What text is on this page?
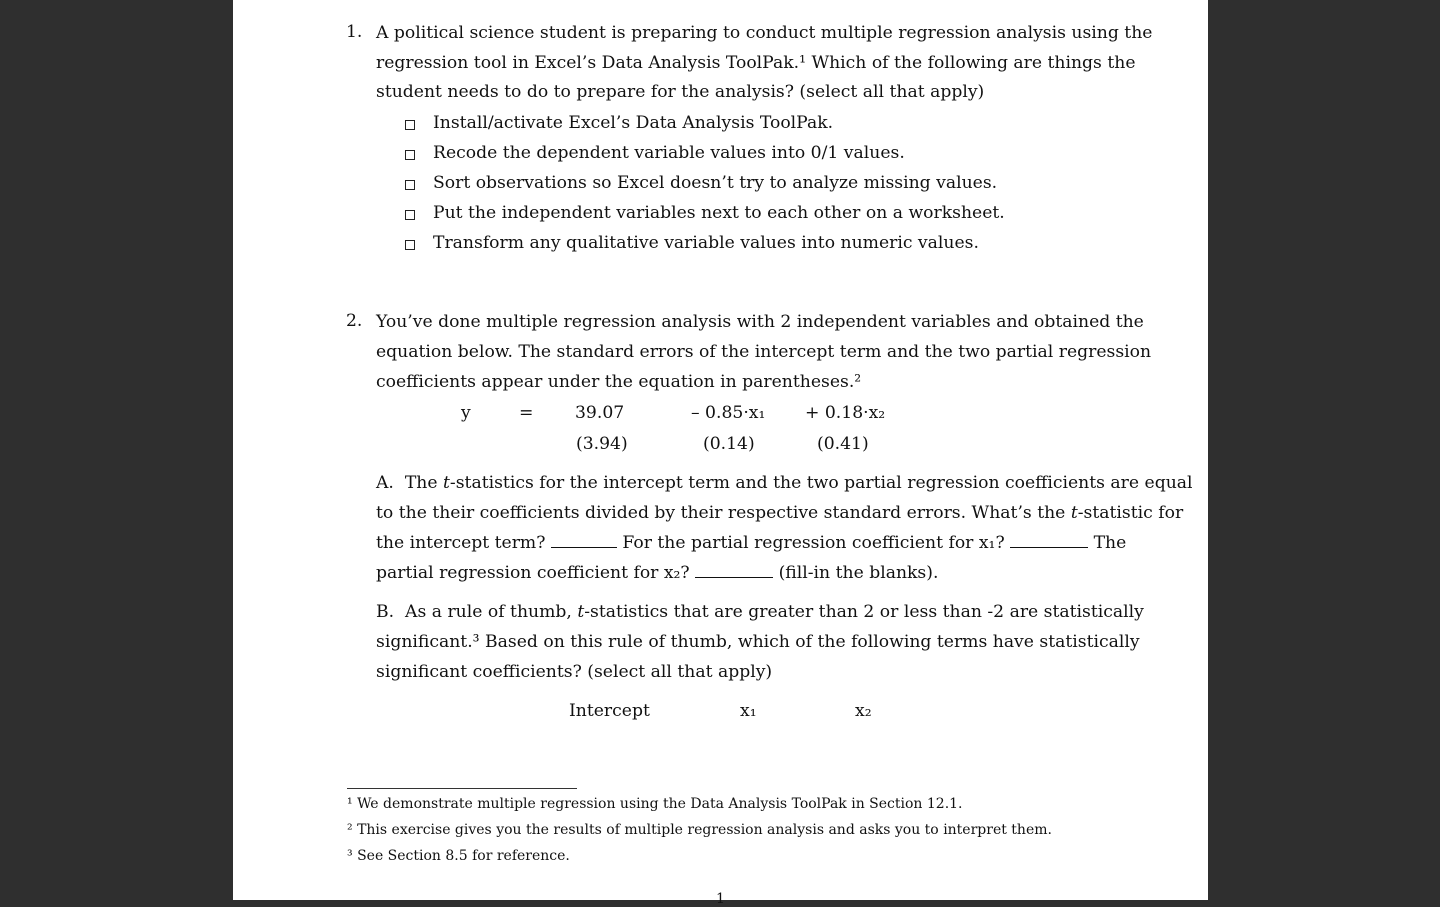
1. A political science student is preparing to conduct multiple regression analysis using the
regression tool in Excel’s Data Analysis ToolPak.¹ Which of the following are things the
student needs to do to prepare for the analysis? (select all that apply)
Install/activate Excel’s Data Analysis ToolPak.
Recode the dependent variable values into 0/1 values.
Sort observations so Excel doesn’t try to analyze missing values.
Put the independent variables next to each other on a worksheet.
Transform any qualitative variable values into numeric values.
2. You’ve done multiple regression analysis with 2 independent variables and obtained the
equation below. The standard errors of the intercept term and the two partial regression
coefficients appear under the equation in parentheses.²
y	= 39.07	– 0.85·x₁ + 0.18·x₂
(3.94)	(0.14)	(0.41)
A. The t-statistics for the intercept term and the two partial regression coefficients are equal
to the their coefficients divided by their respective standard errors. What’s the t-statistic for
the intercept term?	For the partial regression coefficient for x₁?	The
partial regression coefficient for x₂?	(fill-in the blanks).
B. As a rule of thumb, t-statistics that are greater than 2 or less than -2 are statistically
significant.³ Based on this rule of thumb, which of the following terms have statistically
significant coefficients? (select all that apply)
Intercept	x₁	x₂
¹ We demonstrate multiple regression using the Data Analysis ToolPak in Section 12.1.
² This exercise gives you the results of multiple regression analysis and asks you to interpret them.
³ See Section 8.5 for reference.
1
